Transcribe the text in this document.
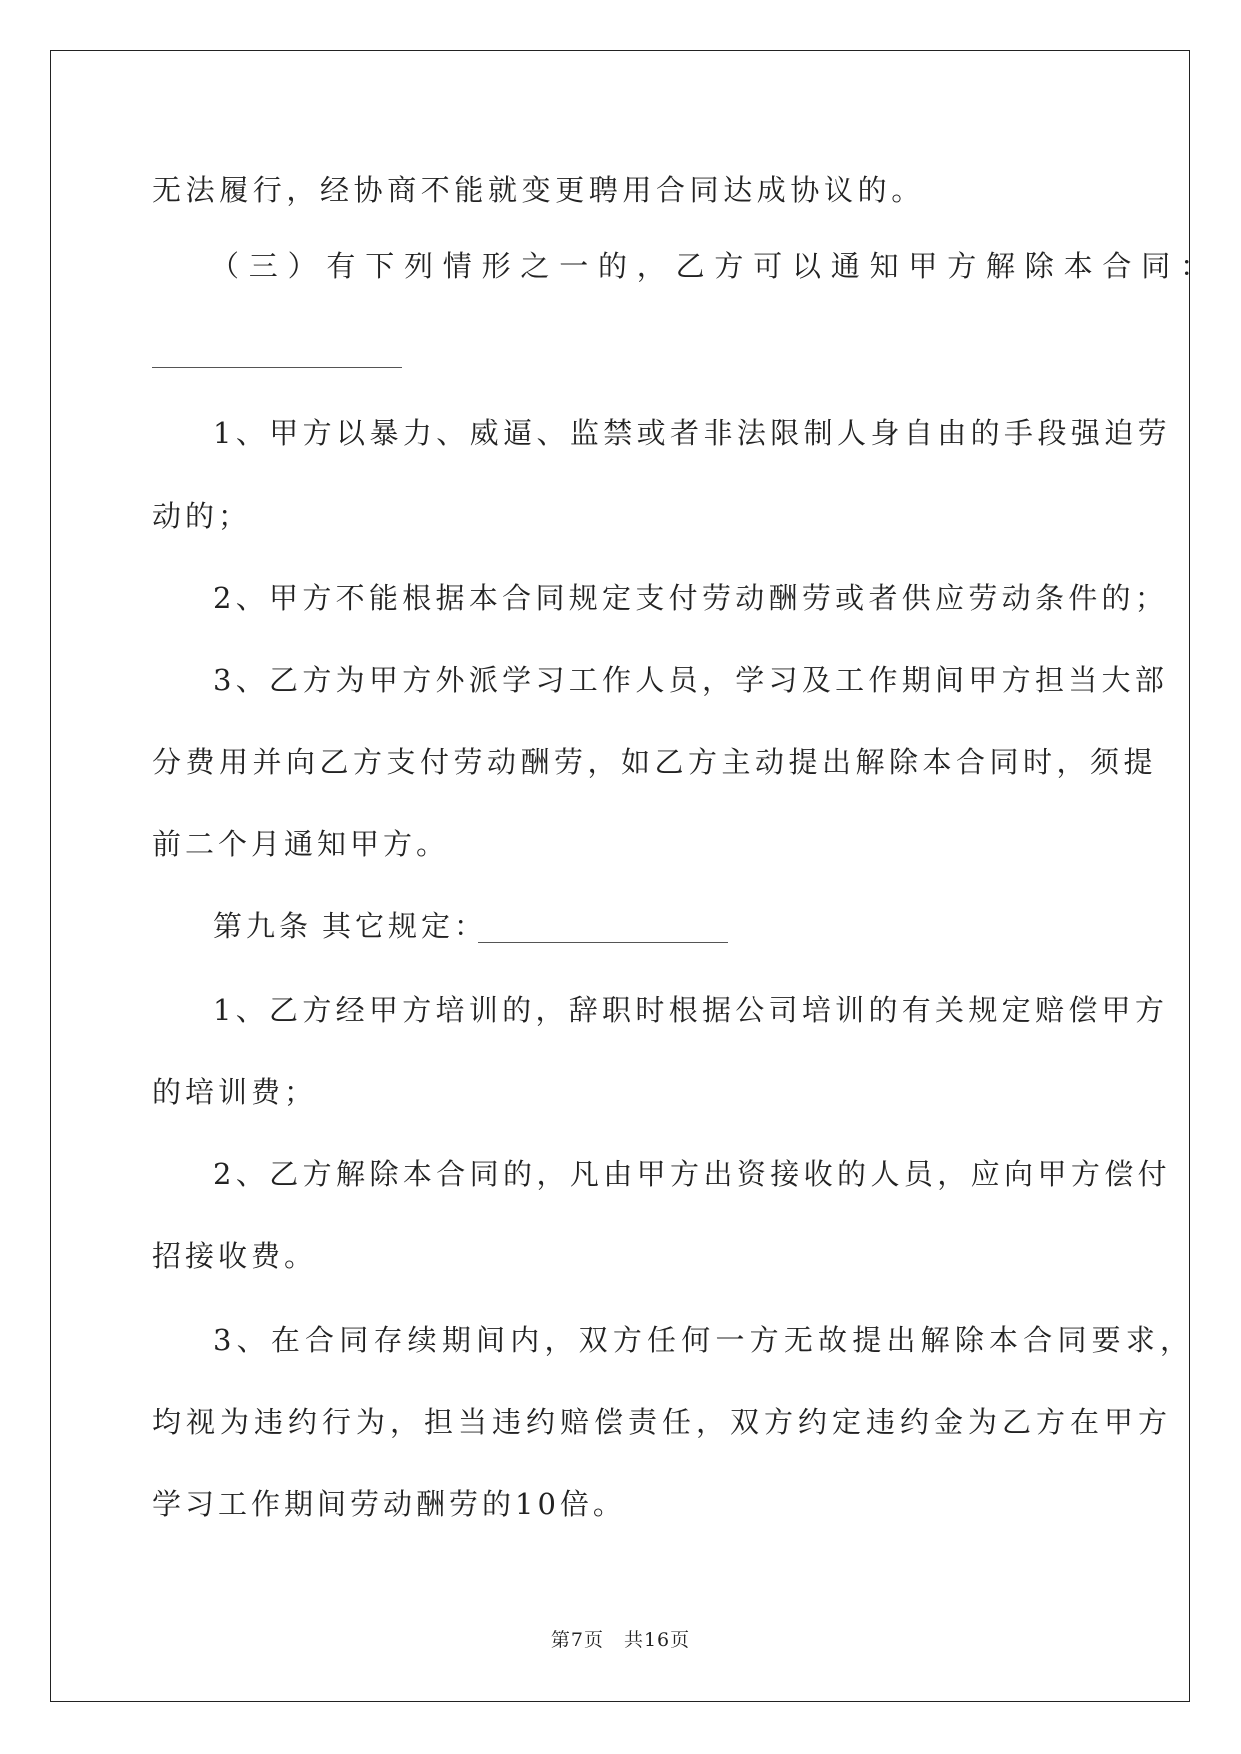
无法履行，经协商不能就变更聘用合同达成协议的。
（三）有下列情形之一的，乙方可以通知甲方解除本合同：
1、甲方以暴力、威逼、监禁或者非法限制人身自由的手段强迫劳
动的；
2、甲方不能根据本合同规定支付劳动酬劳或者供应劳动条件的；
3、乙方为甲方外派学习工作人员，学习及工作期间甲方担当大部
分费用并向乙方支付劳动酬劳，如乙方主动提出解除本合同时，须提
前二个月通知甲方。
第九条 其它规定：
1、乙方经甲方培训的，辞职时根据公司培训的有关规定赔偿甲方
的培训费；
2、乙方解除本合同的，凡由甲方出资接收的人员，应向甲方偿付
招接收费。
3、在合同存续期间内，双方任何一方无故提出解除本合同要求，
均视为违约行为，担当违约赔偿责任，双方约定违约金为乙方在甲方
学习工作期间劳动酬劳的10倍。
第7页　共16页
